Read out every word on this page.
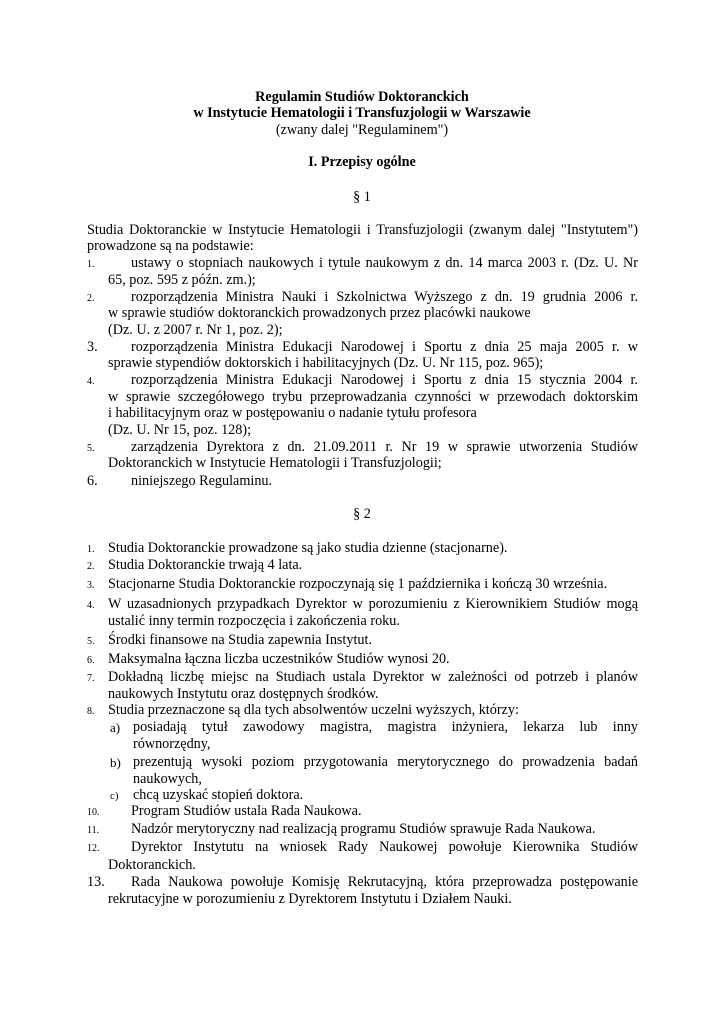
Regulamin Studiów Doktoranckich
w Instytucie Hematologii i Transfuzjologii w Warszawie
(zwany dalej "Regulaminem")
I. Przepisy ogólne
§ 1
Studia Doktoranckie w Instytucie Hematologii i Transfuzjologii (zwanym dalej "Instytutem")
prowadzone są na podstawie:
1.	ustawy o stopniach naukowych i tytule naukowym z dn. 14 marca 2003 r. (Dz. U. Nr
65, poz. 595 z późn. zm.);
2.	rozporządzenia Ministra Nauki i Szkolnictwa Wyższego z dn. 19 grudnia 2006 r.
w sprawie studiów doktoranckich prowadzonych przez placówki naukowe
(Dz. U. z 2007 r. Nr 1, poz. 2);
3. rozporządzenia Ministra Edukacji Narodowej i Sportu z dnia 25 maja 2005 r. w
sprawie stypendiów doktorskich i habilitacyjnych (Dz. U. Nr 115, poz. 965);
4.	rozporządzenia Ministra Edukacji Narodowej i Sportu z dnia 15 stycznia 2004 r.
w sprawie szczegółowego trybu przeprowadzania czynności w przewodach doktorskim
i habilitacyjnym oraz w postępowaniu o nadanie tytułu profesora
(Dz. U. Nr 15, poz. 128);
5.	zarządzenia Dyrektora z dn. 21.09.2011 r. Nr 19 w sprawie utworzenia Studiów
Doktoranckich w Instytucie Hematologii i Transfuzjologii;
6. niniejszego Regulaminu.
§ 2
1. Studia Doktoranckie prowadzone są jako studia dzienne (stacjonarne).
2. Studia Doktoranckie trwają 4 lata.
3. Stacjonarne Studia Doktoranckie rozpoczynają się 1 października i kończą 30 września.
4. W uzasadnionych przypadkach Dyrektor w porozumieniu z Kierownikiem Studiów mogą
ustalić inny termin rozpoczęcia i zakończenia roku.
5. Środki finansowe na Studia zapewnia Instytut.
6. Maksymalna łączna liczba uczestników Studiów wynosi 20.
7. Dokładną liczbę miejsc na Studiach ustala Dyrektor w zależności od potrzeb i planów
naukowych Instytutu oraz dostępnych środków.
8. Studia przeznaczone są dla tych absolwentów uczelni wyższych, którzy:
a) posiadają tytuł zawodowy magistra, magistra inżyniera, lekarza lub inny
równorzędny,
b) prezentują wysoki poziom przygotowania merytorycznego do prowadzenia badań
naukowych,
c) chcą uzyskać stopień doktora.
10. Program Studiów ustala Rada Naukowa.
11. Nadzór merytoryczny nad realizacją programu Studiów sprawuje Rada Naukowa.
12. Dyrektor Instytutu na wniosek Rady Naukowej powołuje Kierownika Studiów
Doktoranckich.
13. Rada Naukowa powołuje Komisję Rekrutacyjną, która przeprowadza postępowanie
rekrutacyjne w porozumieniu z Dyrektorem Instytutu i Działem Nauki.
